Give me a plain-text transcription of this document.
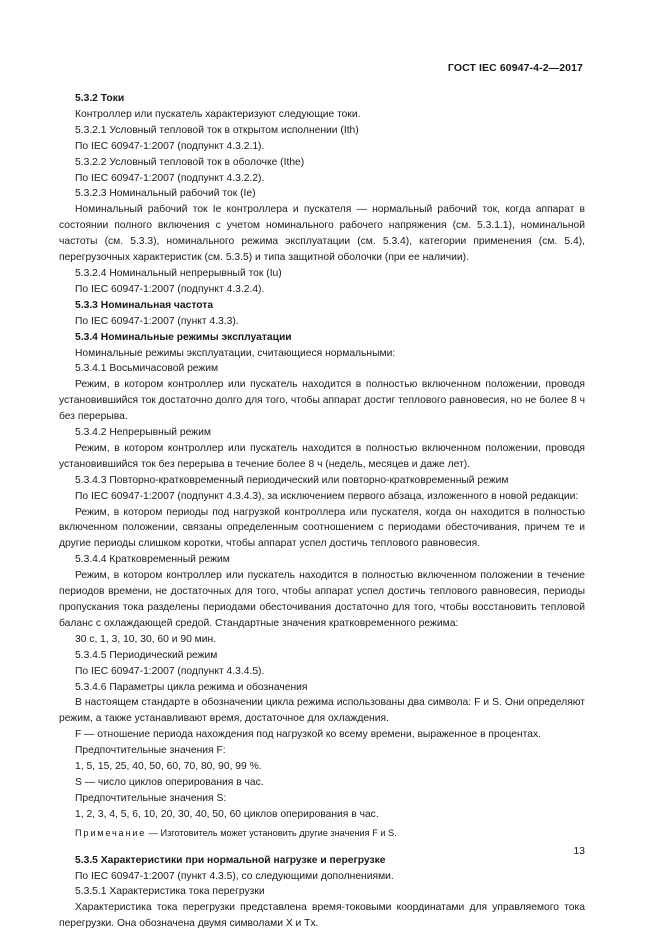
ГОСТ IEC 60947-4-2—2017

5.3.2 Токи

Контроллер или пускатель характеризуют следующие токи.

5.3.2.1 Условный тепловой ток в открытом исполнении (Ith)

По IEC 60947-1:2007 (подпункт 4.3.2.1).

5.3.2.2 Условный тепловой ток в оболочке (Ithe)

По IEC 60947-1:2007 (подпункт 4.3.2.2).

5.3.2.3 Номинальный рабочий ток (Ie)

Номинальный рабочий ток Ie контроллера и пускателя — нормальный рабочий ток, когда аппарат в состоянии полного включения с учетом номинального рабочего напряжения (см. 5.3.1.1), номинальной частоты (см. 5.3.3), номинального режима эксплуатации (см. 5.3.4), категории применения (см. 5.4), перегрузочных характеристик (см. 5.3.5) и типа защитной оболочки (при ее наличии).

5.3.2.4 Номинальный непрерывный ток (Iu)

По IEC 60947-1:2007 (подпункт 4.3.2.4).

5.3.3 Номинальная частота

По IEC 60947-1:2007 (пункт 4.3.3).

5.3.4 Номинальные режимы эксплуатации

Номинальные режимы эксплуатации, считающиеся нормальными:

5.3.4.1 Восьмичасовой режим

Режим, в котором контроллер или пускатель находится в полностью включенном положении, проводя установившийся ток достаточно долго для того, чтобы аппарат достиг теплового равновесия, но не более 8 ч без перерыва.

5.3.4.2 Непрерывный режим

Режим, в котором контроллер или пускатель находится в полностью включенном положении, проводя установившийся ток без перерыва в течение более 8 ч (недель, месяцев и даже лет).

5.3.4.3 Повторно-кратковременный периодический или повторно-кратковременный режим

По IEC 60947-1:2007 (подпункт 4.3.4.3), за исключением первого абзаца, изложенного в новой редакции:

Режим, в котором периоды под нагрузкой контроллера или пускателя, когда он находится в полностью включенном положении, связаны определенным соотношением с периодами обесточивания, причем те и другие периоды слишком коротки, чтобы аппарат успел достичь теплового равновесия.

5.3.4.4 Кратковременный режим

Режим, в котором контроллер или пускатель находится в полностью включенном положении в течение периодов времени, не достаточных для того, чтобы аппарат успел достичь теплового равновесия, периоды пропускания тока разделены периодами обесточивания достаточно для того, чтобы восстановить тепловой баланс с охлаждающей средой. Стандартные значения кратковременного режима:

30 с, 1, 3, 10, 30, 60 и 90 мин.

5.3.4.5 Периодический режим

По IEC 60947-1:2007 (подпункт 4.3.4.5).

5.3.4.6 Параметры цикла режима и обозначения

В настоящем стандарте в обозначении цикла режима использованы два символа: F и S. Они определяют режим, а также устанавливают время, достаточное для охлаждения.

F — отношение периода нахождения под нагрузкой ко всему времени, выраженное в процентах.

Предпочтительные значения F:

1, 5, 15, 25, 40, 50, 60, 70, 80, 90, 99 %.

S — число циклов оперирования в час.

Предпочтительные значения S:

1, 2, 3, 4, 5, 6, 10, 20, 30, 40, 50, 60 циклов оперирования в час.

Примечание — Изготовитель может установить другие значения F и S.

5.3.5 Характеристики при нормальной нагрузке и перегрузке

По IEC 60947-1:2007 (пункт 4.3.5), со следующими дополнениями.

5.3.5.1 Характеристика тока перегрузки

Характеристика тока перегрузки представлена время-токовыми координатами для управляемого тока перегрузки. Она обозначена двумя символами X и Tx.

13
